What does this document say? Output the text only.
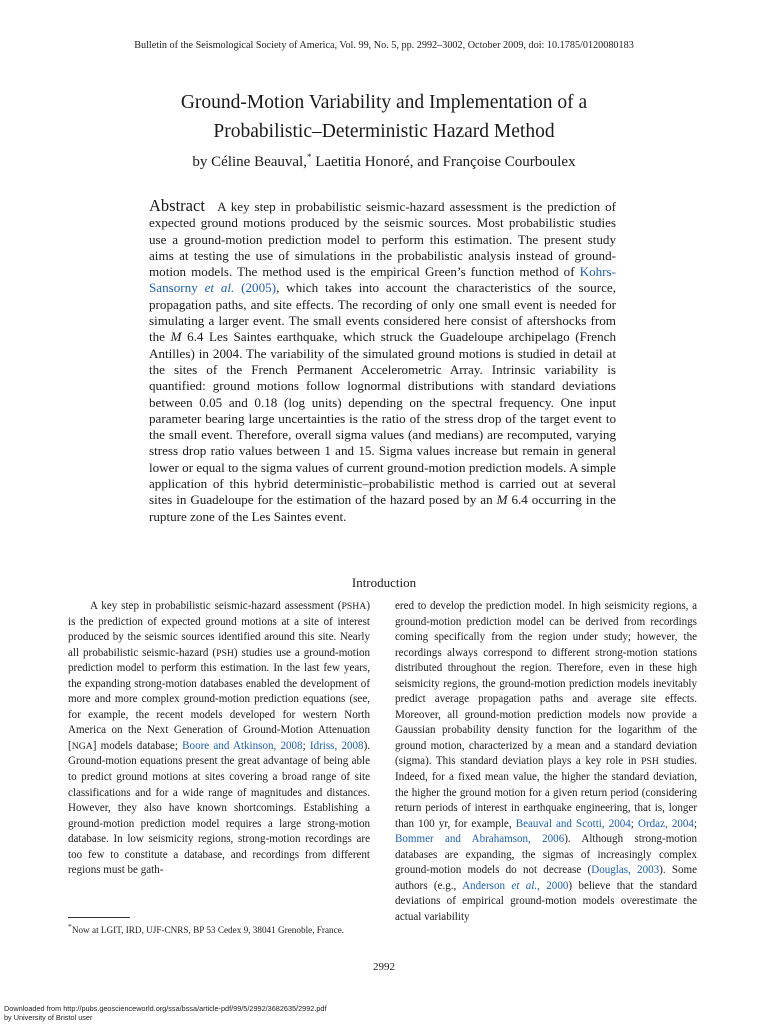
Bulletin of the Seismological Society of America, Vol. 99, No. 5, pp. 2992–3002, October 2009, doi: 10.1785/0120080183
Ground-Motion Variability and Implementation of a
Probabilistic–Deterministic Hazard Method
by Céline Beauval,* Laetitia Honoré, and Françoise Courboulex
Abstract A key step in probabilistic seismic-hazard assessment is the prediction of expected ground motions produced by the seismic sources. Most probabilistic studies use a ground-motion prediction model to perform this estimation. The present study aims at testing the use of simulations in the probabilistic analysis instead of ground-motion models. The method used is the empirical Green’s function method of Kohrs-Sansorny et al. (2005), which takes into account the characteristics of the source, propagation paths, and site effects. The recording of only one small event is needed for simulating a larger event. The small events considered here consist of aftershocks from the M 6.4 Les Saintes earthquake, which struck the Guadeloupe archipelago (French Antilles) in 2004. The variability of the simulated ground motions is studied in detail at the sites of the French Permanent Accelerometric Array. Intrinsic variability is quantified: ground motions follow lognormal distributions with standard deviations between 0.05 and 0.18 (log units) depending on the spectral frequency. One input parameter bearing large uncertainties is the ratio of the stress drop of the target event to the small event. Therefore, overall sigma values (and medians) are recomputed, varying stress drop ratio values between 1 and 15. Sigma values increase but remain in general lower or equal to the sigma values of current ground-motion prediction models. A simple application of this hybrid deterministic–probabilistic method is carried out at several sites in Guadeloupe for the estimation of the hazard posed by an M 6.4 occurring in the rupture zone of the Les Saintes event.
Introduction
A key step in probabilistic seismic-hazard assessment (PSHA) is the prediction of expected ground motions at a site of interest produced by the seismic sources identified around this site. Nearly all probabilistic seismic-hazard (PSH) studies use a ground-motion prediction model to perform this estimation. In the last few years, the expanding strong-motion databases enabled the development of more and more complex ground-motion prediction equations (see, for example, the recent models developed for western North America on the Next Generation of Ground-Motion Attenuation [NGA] models database; Boore and Atkinson, 2008; Idriss, 2008). Ground-motion equations present the great advantage of being able to predict ground motions at sites covering a broad range of site classifications and for a wide range of magnitudes and distances. However, they also have known shortcomings. Establishing a ground-motion prediction model requires a large strong-motion database. In low seismicity regions, strong-motion recordings are too few to constitute a database, and recordings from different regions must be gath-
ered to develop the prediction model. In high seismicity regions, a ground-motion prediction model can be derived from recordings coming specifically from the region under study; however, the recordings always correspond to different strong-motion stations distributed throughout the region. Therefore, even in these high seismicity regions, the ground-motion prediction models inevitably predict average propagation paths and average site effects. Moreover, all ground-motion prediction models now provide a Gaussian probability density function for the logarithm of the ground motion, characterized by a mean and a standard deviation (sigma). This standard deviation plays a key role in PSH studies. Indeed, for a fixed mean value, the higher the standard deviation, the higher the ground motion for a given return period (considering return periods of interest in earthquake engineering, that is, longer than 100 yr, for example, Beauval and Scotti, 2004; Ordaz, 2004; Bommer and Abrahamson, 2006). Although strong-motion databases are expanding, the sigmas of increasingly complex ground-motion models do not decrease (Douglas, 2003). Some authors (e.g., Anderson et al., 2000) believe that the standard deviations of empirical ground-motion models overestimate the actual variability
*Now at LGIT, IRD, UJF-CNRS, BP 53 Cedex 9, 38041 Grenoble, France.
2992
Downloaded from http://pubs.geoscienceworld.org/ssa/bssa/article-pdf/99/5/2992/3682635/2992.pdf
by University of Bristol user
